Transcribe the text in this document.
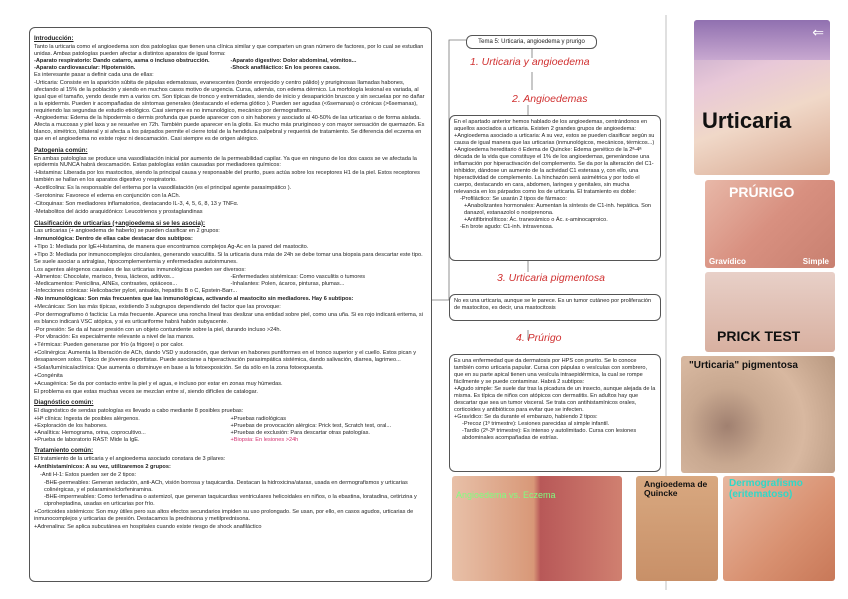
Introducción:

Tanto la urticaria como el angioedema son dos patologías que tienen una clínica similar y que comparten un gran número de factores, por lo cual se estudian unidas. Ambas patologías pueden afectar a distintos aparatos de igual forma:

-Aparato respiratorio: Dando catarro, asma o incluso obstrucción.	-Aparato digestivo: Dolor abdominal, vómitos...
-Aparato cardiovascular: Hipotensión.	-Shock anafiláctico: En los peores casos.

Es interesante pasar a definir cada una de ellas:

-Urticaria: Consiste en la aparición súbita de pápulas edematosas, evanescentes (borde enrojecido y centro pálido) y pruriginosas llamadas habones, afectando al 15% de la población y siendo en muchos casos motivo de urgencia. Cursa, además, con edema dérmico. La morfología lesional es variada, al igual que el tamaño, yendo desde mm a varios cm. Son típicas de tronco y extremidades, siendo de inicio y desaparición bruscos y sin secuelas por no dañar a la epidermis. Pueden ir acompañadas de síntomas generales (destacando el edema glótico ). Pueden ser agudas (<6semanas) o crónicas (>6semanas), requiriendo las segundas de estudio etiológico. Casi siempre es no inmunológico, mecánico por dermografismo.

-Angioedema: Edema de la hipodermis o dermis profunda que puede aparecer con o sin habones y asociado al 40-50% de las urticarias o de forma aislada. Afecta a mucosas y piel laxa y se resuelve en 72h. También puede aparecer en la glotis. Es mucho más pruriginoso y con mayor sensación de quemazón. Es blanco, simétrico, bilateral y si afecta a los párpados permite el cierre total de la hendidura palpebral y requerirá de tratamiento. Se diferencia del eczema en que en el angioedema no existe rojez ni descamación. Casi siempre es de origen alérgico.

Patogenia común:

En ambas patologías se produce una vasodilatación inicial por aumento de la permeabilidad capilar. Ya que en ninguno de los dos casos se ve afectada la epidermis NUNCA habrá descamación. Estas patologías están causadas por mediadores químicos:

-Histamina: Liberada por los mastocitos, siendo la principal causa y responsable del prurito, pues actúa sobre los receptores H1 de la piel. Estos receptores también se hallan en los aparatos digestivo y respiratorio.

-Acetilcolina: Es la responsable del eritema por la vasodilatación (es el principal agente parasimpático ).

-Serotonina: Favorece el edema en conjunción con la ACh.

-Citoquinas: Son mediadores inflamatorios, destacando IL-3, 4, 5, 6, 8, 13 y TNFα.

-Metabolitos del ácido araquidónico: Leucotrienos y prostaglandinas

Clasificación de urticarias (+angioedema si se les asocia):

Las urticarias (+ angioedema de haberlo) se pueden clasificar en 2 grupos:

-Inmunológica: Dentro de ellas cabe destacar dos subtipos:

+Tipo 1: Mediada por IgE+Histamina, de manera que encontramos complejos Ag-Ac en la pared del mastocito.

+Tipo 3: Mediada por inmunocomplejos circulantes, generando vasculitis. Si la urticaria dura más de 24h se debe tomar una biopsia para descartar este tipo. Se suele asociar a artralgias, hipocomplementemia y enfermedades autoinmunes.

Los agentes alérgenos causales de las urticarias inmunológicas pueden ser diversos:

-Alimentos: Chocolate, marisco, fresa, lácteos, aditivos...	-Enfermedades sistémicas: Como vasculitis o tumores
-Medicamentos: Penicilina, AINEs, contrastes, opiáceos...	-Inhalantes: Polen, ácaros, pinturas, plumas...

-Infecciones crónicas: Helicobacter pylori, anisakis, hepatitis B o C, Epstein-Barr...

-No inmunológicas: Son más frecuentes que las inmunológicas, activando al mastocito sin mediadores. Hay 6 subtipos:

+Mecánicas: Son las más típicas, existiendo 3 subgrupos dependiendo del factor que las provoque:

-Por dermografismo ó facticia: La más frecuente. Aparece una roncha lineal tras deslizar una entidad sobre piel, como una uña. Si es rojo indicará eritema, si es blanco indicará VSC atópica, y si es urticariforme habrá habón subyacente.

-Por presión: Se da al hacer presión con un objeto contundente sobre la piel, durando incluso >24h.

-Por vibración: Es especialmente relevante a nivel de las manos.

+Térmicas: Pueden generarse por frío (a frigore) o por calor.

+Colinérgica: Aumenta la liberación de ACh, dando VSD y sudoración, que derivan en habones puntiformes en el tronco superior y el cuello. Estos pican y desaparecen solos. Típico de jóvenes deportistas. Puede asociarse a hiperactivación parasimpática sistémica, dando salivación, diarrea, lagrimeo...

+Solar/lumínica/actínica: Que aumenta o disminuye en base a la fotoexposición. Se da sólo en la zona fotoexpuesta.

+Congénita

+Acuagénica: Se da por contacto entre la piel y el agua, e incluso por estar en zonas muy húmedas.

El problema es que estas muchas veces se mezclan entre sí, siendo difíciles de catalogar.

Diagnóstico común:

El diagnóstico de sendas patologías es llevado a cabo mediante 8 posibles pruebas:

+Hª clínica: Ingesta de posibles alérgenos.	+Pruebas radiológicas
+Exploración de los habones.	+Pruebas de provocación alérgica: Prick test, Scratch test, oral...
+Analítica: Hemograma, orina, coprocultivo...	+Pruebas de exclusión: Para descartar otras patologías.
+Prueba de laboratorio RAST: Mide la IgE.	+Biopsia: En lesiones >24h
Tratamiento común:

El tratamiento de la urticaria y el angioedema asociado constara de 3 pilares:

+Antihistamínicos: A su vez, utilizaremos 2 grupos:

-Anti H-1: Estos pueden ser de 2 tipos:

-BHE-permeables: Generan sedación, anti-ACh, visión borrosa y taquicardia. Destacan la hidroxicina/atarax, usada en dermografismos y urticarias colinérgicas, y el polaramine/clorfeniramina.

-BHE-impermeables: Como terfenadina o astemizol, que generan taquicardias ventriculares helicoidales en niños, o la ebastina, loratadina, cetirizina y ciproheptadina, usadas en urticarias por frío.

+Corticoides sistémicos: Son muy útiles pero sus altos efectos secundarios impiden su uso prolongado. Se usan, por ello, en casos agudos, urticarias de inmunocomplejos y urticarias de presión. Destacamos la prednisona y metilprednisona.

+Adrenalina: Se aplica subcutánea en hospitales cuando existe riesgo de shock anafiláctico

Tema 5: Urticaria, angioedema y prurigo
1. Urticaria y angioedema
2. Angioedemas

En el apartado anterior hemos hablado de los angioedemas, centrándonos en aquellos asociados a urticaria. Existen 2 grandes grupos de angioedema:

+Angioedema asociado a urticaria: A su vez, estos se pueden clasificar según su causa de igual manera que las urticarias (inmunológicos, mecánicos, térmicos...)

+Angioedema hereditario ó Edema de Quincke: Edema genético de la 2ª-4ª década de la vida que constituye el 1% de los angioedemas, generándose una inflamación por hiperactivación del complemento. Se da por la alteración del C1-inhibidor, dándose un aumento de la actividad C1 esterasa y, con ello, una hiperactividad de complemento. La hinchazón será asimétrica y por todo el cuerpo, destacando en cara, abdomen, laringes y genitales, sin mucha relevancia en los párpados como los de urticaria. El tratamiento es doble:

-Profiláctico: Se usarán 2 tipos de fármaco:

+Anabolizantes hormonales: Aumentan la síntesis de C1-inh. hepática. Son danazol, estanazolol o noxiprenona.

+Antifibrinolíticos: Ác. tranexámico o Ác. ε-aminocaproico.

-En brote agudo: C1-inh. intravenosa.

3. Urticaria pigmentosa
No es una urticaria, aunque se le parece. Es un tumor cutáneo por proliferación de mastocitos, es decir, una mastocitosis
4. Prúrigo

Es una enfermedad que da dermatosis por HPS con prurito. Se lo conoce también como urticaria papular. Cursa con pápulas o vesículas con sombrero, que en su parte apical tienen una vesícula intraepidérmica, la cual se rompe fácilmente y se puede contaminar. Habrá 2 subtipos:

+Agudo simple: Se suele dar tras la picadura de un insecto, aunque alejada de la misma. Es típica de niños con atópicos con dermatitis. En adultos hay que descartar que sea un tumor visceral. Se trata con antihistamínicos orales, corticoides y antibióticos para evitar que se infecten.

+Gravídico: Se da durante el embarazo, habiendo 2 tipos:

-Precoz (1º trimestre): Lesiones parecidas al simple infantil.

-Tardío (2º-3º trimestre): Es intenso y autolimitado. Cursa con lesiones abdominales acompañadas de estrías.

Urticaria
⇐
PRÚRIGO
Gravídico	Simple
PRICK TEST
"Urticaria" pigmentosa
Angioedema vs. Eczema
Angioedema de Quincke
Dermografismo (eritematoso)
